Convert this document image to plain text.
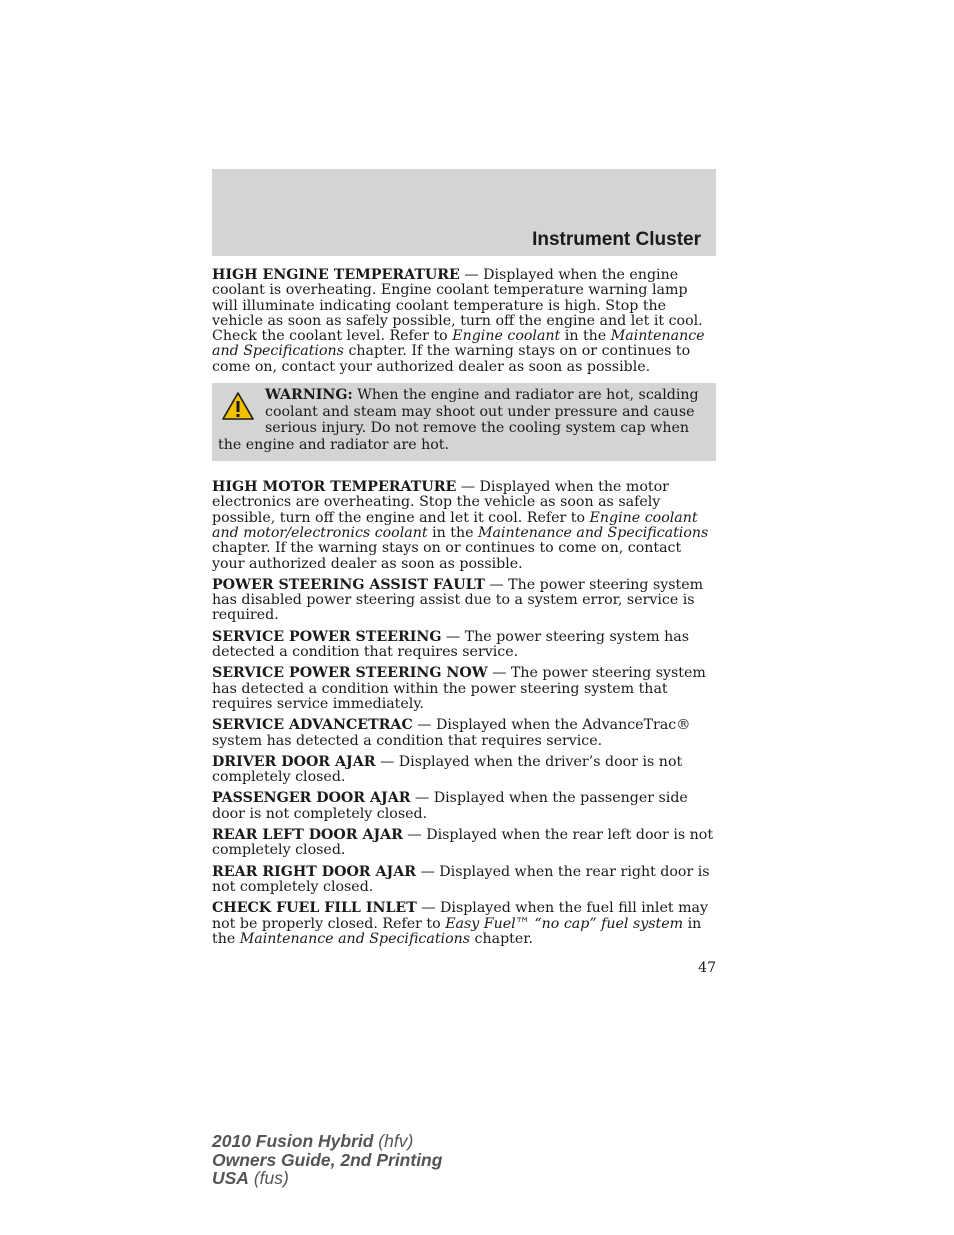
Instrument Cluster

HIGH ENGINE TEMPERATURE — Displayed when the engine coolant is overheating. Engine coolant temperature warning lamp will illuminate indicating coolant temperature is high. Stop the vehicle as soon as safely possible, turn off the engine and let it cool. Check the coolant level. Refer to Engine coolant in the Maintenance and Specifications chapter. If the warning stays on or continues to come on, contact your authorized dealer as soon as possible.

WARNING: When the engine and radiator are hot, scalding coolant and steam may shoot out under pressure and cause serious injury. Do not remove the cooling system cap when the engine and radiator are hot.

HIGH MOTOR TEMPERATURE — Displayed when the motor electronics are overheating. Stop the vehicle as soon as safely possible, turn off the engine and let it cool. Refer to Engine coolant and motor/electronics coolant in the Maintenance and Specifications chapter. If the warning stays on or continues to come on, contact your authorized dealer as soon as possible.

POWER STEERING ASSIST FAULT — The power steering system has disabled power steering assist due to a system error, service is required.

SERVICE POWER STEERING — The power steering system has detected a condition that requires service.

SERVICE POWER STEERING NOW — The power steering system has detected a condition within the power steering system that requires service immediately.

SERVICE ADVANCETRAC — Displayed when the AdvanceTrac® system has detected a condition that requires service.

DRIVER DOOR AJAR — Displayed when the driver’s door is not completely closed.

PASSENGER DOOR AJAR — Displayed when the passenger side door is not completely closed.

REAR LEFT DOOR AJAR — Displayed when the rear left door is not completely closed.

REAR RIGHT DOOR AJAR — Displayed when the rear right door is not completely closed.

CHECK FUEL FILL INLET — Displayed when the fuel fill inlet may not be properly closed. Refer to Easy Fuel™ “no cap” fuel system in the Maintenance and Specifications chapter.

47

2010 Fusion Hybrid (hfv)
Owners Guide, 2nd Printing
USA (fus)
